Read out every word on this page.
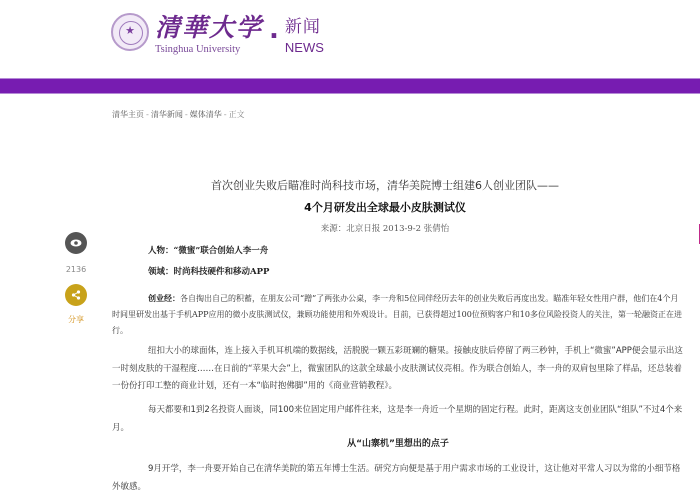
★
清華大学
Tsinghua University
. 新闻
NEWS
清华主页 - 清华新闻 - 媒体清华 - 正文
首次创业失败后瞄准时尚科技市场，清华美院博士组建6人创业团队——
4个月研发出全球最小皮肤测试仪
来源：北京日报 2013-9-2 张倩怡
2136
分享
人物：“微蜜”联合创始人李一舟
领域：时尚科技硬件和移动APP
创业经：各自掏出自己的积蓄，在朋友公司“蹭”了两张办公桌，李一舟和5位同伴经历去年的创业失败后再度出发。瞄准年轻女性用户群，他们在4个月时间里研发出基于手机APP应用的微小皮肤测试仪，兼顾功能使用和外观设计。目前，已获得超过100位预购客户和10多位风险投资人的关注，第一轮融资正在进行。
纽扣大小的球面体，连上接入手机耳机端的数据线，活脱脱一颗五彩斑斓的糖果。接触皮肤后停留了两三秒钟，手机上“微蜜”APP便会显示出这一时刻皮肤的干湿程度……在日前的“苹果大会”上，微蜜团队的这款全球最小皮肤测试仪亮相。作为联合创始人，李一舟的双肩包里除了样品，还总装着一份份打印工整的商业计划，还有一本“临时抱佛脚”用的《商业营销教程》。
每天都要和1到2名投资人面谈，同100来位固定用户邮件往来，这是李一舟近一个星期的固定行程。此时，距离这支创业团队“组队”不过4个来月。
从“山寨机”里想出的点子
9月开学，李一舟要开始自己在清华美院的第五年博士生活。研究方向便是基于用户需求市场的工业设计，这让他对平常人习以为常的小细节格外敏感。
